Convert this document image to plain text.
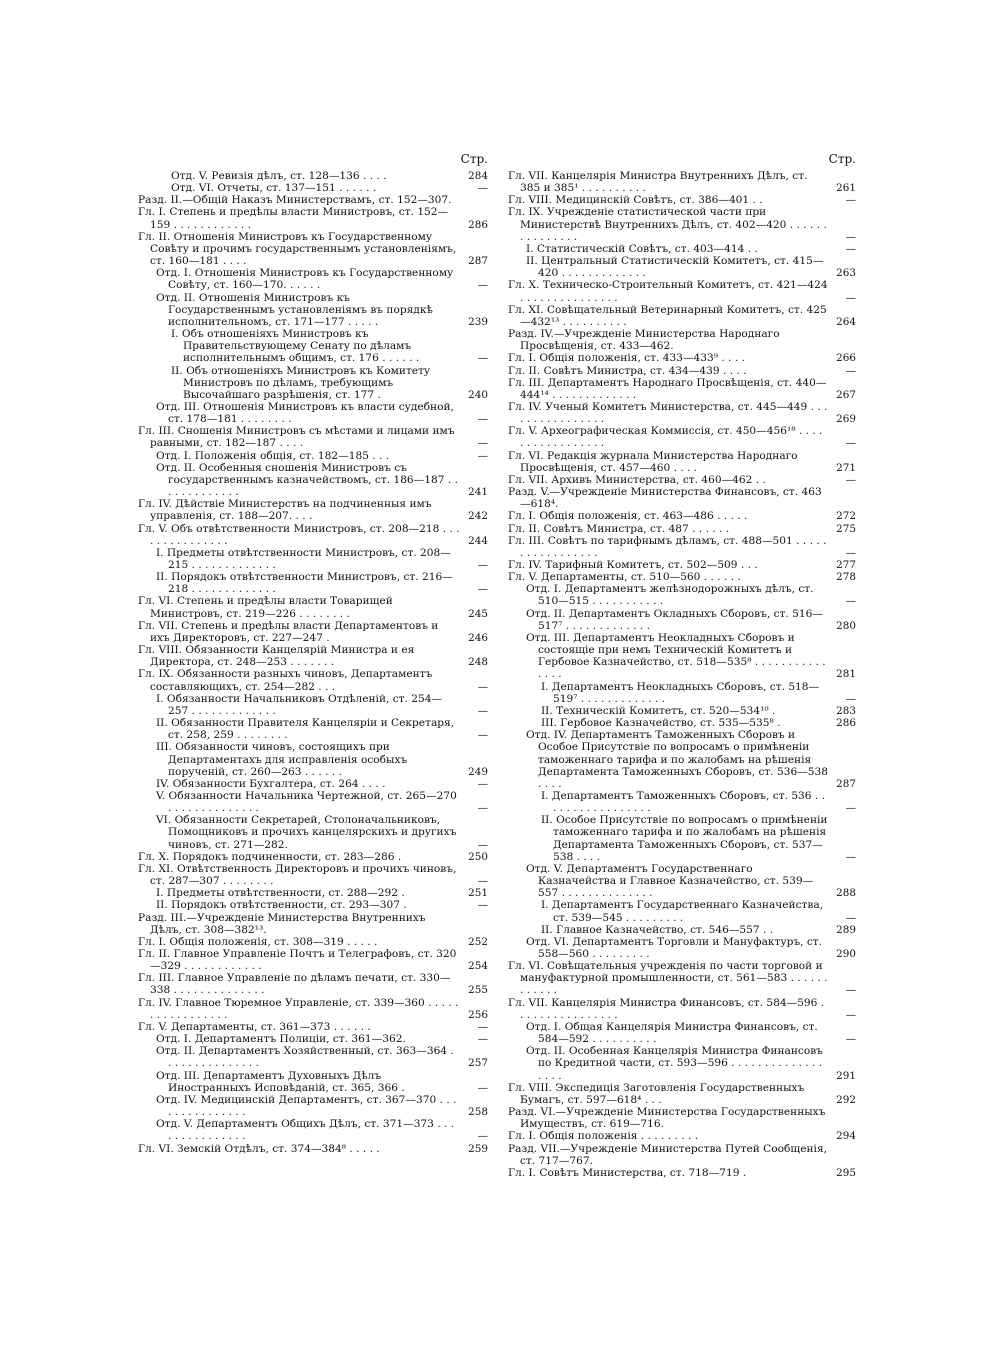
Стр.
Отд. V. Ревизія дѣлъ, ст. 128—136 . . . .	284
Отд. VI. Отчеты, ст. 137—151 . . . . . .	—
Разд. II.—Общій Наказъ Министерствамъ, ст. 152—307.
Гл. I. Степень и предѣлы власти Министровъ, ст. 152—159 . . . . . . . . . . . .	286
Гл. II. Отношенія Министровъ къ Государственному Совѣту и прочимъ государственнымъ установленіямъ, ст. 160—181 . . . .	287
Отд. I. Отношенія Министровъ къ Государственному Совѣту, ст. 160—170. . . . . .	—
Отд. II. Отношенія Министровъ къ Государственнымъ установленіямъ въ порядкѣ исполнительномъ, ст. 171—177 . . . . .	239
I. Объ отношеніяхъ Министровъ къ Правительствующему Сенату по дѣламъ исполнительнымъ общимъ, ст. 176 . . . . . .	—
II. Объ отношеніяхъ Министровъ къ Комитету Министровъ по дѣламъ, требующимъ Высочайшаго разрѣшенія, ст. 177 .	240
Отд. III. Отношенія Министровъ къ власти судебной, ст. 178—181 . . . . . . . .	—
Гл. III. Сношенія Министровъ съ мѣстами и лицами имъ равными, ст. 182—187 . . . .	—
Отд. I. Положенія общія, ст. 182—185 . . .	—
Отд. II. Особенныя сношенія Министровъ съ государственнымъ казначействомъ, ст. 186—187 . . . . . . . . . . . . .	241
Гл. IV. Дѣйствіе Министерствъ на подчиненныя имъ управленія, ст. 188—207. . . .	242
Гл. V. Объ отвѣтственности Министровъ, ст. 208—218 . . . . . . . . . . . . . . .	244
I. Предметы отвѣтственности Министровъ, ст. 208—215 . . . . . . . . . . . . .	—
II. Порядокъ отвѣтственности Министровъ, ст. 216—218 . . . . . . . . . . . . .	—
Гл. VI. Степень и предѣлы власти Товарищей Министровъ, ст. 219—226 . . . . . . . .	245
Гл. VII. Степень и предѣлы власти Департаментовъ и ихъ Директоровъ, ст. 227—247 .	246
Гл. VIII. Обязанности Канцелярій Министра и ея Директора, ст. 248—253 . . . . . . .	248
Гл. IX. Обязанности разныхъ чиновъ, Департаментъ составляющихъ, ст. 254—282 . . .	—
I. Обязанности Начальниковъ Отдѣленій, ст. 254—257 . . . . . . . . . . . . .	—
II. Обязанности Правителя Канцеляріи и Секретаря, ст. 258, 259 . . . . . . . .	—
III. Обязанности чиновъ, состоящихъ при Департаментахъ для исправленія особыхъ порученій, ст. 260—263 . . . . . .	249
IV. Обязанности Бухгалтера, ст. 264 . . . .	—
V. Обязанности Начальника Чертежной, ст. 265—270 . . . . . . . . . . . . . .	—
VI. Обязанности Секретарей, Столоначальниковъ, Помощниковъ и прочихъ канцелярскихъ и другихъ чиновъ, ст. 271—282.	—
Гл. X. Порядокъ подчиненности, ст. 283—286 .	250
Гл. XI. Отвѣтственность Директоровъ и прочихъ чиновъ, ст. 287—307 . . . . . . . .	—
I. Предметы отвѣтственности, ст. 288—292 .	251
II. Порядокъ отвѣтственности, ст. 293—307 .	—
Разд. III.—Учрежденіе Министерства Внутреннихъ Дѣлъ, ст. 308—382¹³.
Гл. I. Общія положенія, ст. 308—319 . . . . .	252
Гл. II. Главное Управленіе Почтъ и Телеграфовъ, ст. 320—329 . . . . . . . . . . . .	254
Гл. III. Главное Управленіе по дѣламъ печати, ст. 330—338 . . . . . . . . . . . . . .	255
Гл. IV. Главное Тюремное Управленіе, ст. 339—360 . . . . . . . . . . . . . . . . .	256
Гл. V. Департаменты, ст. 361—373 . . . . . .	—
Отд. I. Департаментъ Полиціи, ст. 361—362.	—
Отд. II. Департаментъ Хозяйственный, ст. 363—364 . . . . . . . . . . . . . . .	257
Отд. III. Департаментъ Духовныхъ Дѣлъ Иностранныхъ Исповѣданій, ст. 365, 366 .	—
Отд. IV. Медицинскій Департаментъ, ст. 367—370 . . . . . . . . . . . . . . .	258
Отд. V. Департаментъ Общихъ Дѣлъ, ст. 371—373 . . . . . . . . . . . . . . .	—
Гл. VI. Земскій Отдѣлъ, ст. 374—384⁸ . . . . .	259
Стр.
Гл. VII. Канцелярія Министра Внутреннихъ Дѣлъ, ст. 385 и 385¹ . . . . . . . . . .	261
Гл. VIII. Медицинскій Совѣтъ, ст. 386—401 . .	—
Гл. IX. Учрежденіе статистической части при Министерствѣ Внутреннихъ Дѣлъ, ст. 402—420 . . . . . . . . . . . . . . .	—
I. Статистическій Совѣтъ, ст. 403—414 . .	—
II. Центральный Статистическій Комитетъ, ст. 415—420 . . . . . . . . . . . . .	263
Гл. X. Техническо-Строительный Комитетъ, ст. 421—424 . . . . . . . . . . . . . . .	—
Гл. XI. Совѣщательный Ветеринарный Комитетъ, ст. 425—432¹³ . . . . . . . . . .	264
Разд. IV.—Учрежденіе Министерства Народнаго Просвѣщенія, ст. 433—462.
Гл. I. Общія положенія, ст. 433—433⁹ . . . .	266
Гл. II. Совѣтъ Министра, ст. 434—439 . . . .	—
Гл. III. Департаментъ Народнаго Просвѣщенія, ст. 440—444¹⁴ . . . . . . . . . . . . .	267
Гл. IV. Ученый Комитетъ Министерства, ст. 445—449 . . . . . . . . . . . . . . . .	269
Гл. V. Археографическая Коммиссія, ст. 450—456¹⁸ . . . . . . . . . . . . . . . . .	—
Гл. VI. Редакція журнала Министерства Народнаго Просвѣщенія, ст. 457—460 . . . .	271
Гл. VII. Архивъ Министерства, ст. 460—462 . .	—
Разд. V.—Учрежденіе Министерства Финансовъ, ст. 463—618⁴.
Гл. I. Общія положенія, ст. 463—486 . . . . .	272
Гл. II. Совѣтъ Министра, ст. 487 . . . . . .	275
Гл. III. Совѣтъ по тарифнымъ дѣламъ, ст. 488—501 . . . . . . . . . . . . . . . . .	—
Гл. IV. Тарифный Комитетъ, ст. 502—509 . . .	277
Гл. V. Департаменты, ст. 510—560 . . . . . .	278
Отд. I. Департаментъ желѣзнодорожныхъ дѣлъ, ст. 510—515 . . . . . . . . . . .	—
Отд. II. Департаментъ Окладныхъ Сборовъ, ст. 516—517⁷ . . . . . . . . . . . . .	280
Отд. III. Департаментъ Неокладныхъ Сборовъ и состоящіе при немъ Техническій Комитетъ и Гербовое Казначейство, ст. 518—535⁸ . . . . . . . . . . . . . . .	281
I. Департаментъ Неокладныхъ Сборовъ, ст. 518—519⁷ . . . . . . . . . . . . .	—
II. Техническій Комитетъ, ст. 520—534¹⁰ .	283
III. Гербовое Казначейство, ст. 535—535⁸ .	286
Отд. IV. Департаментъ Таможенныхъ Сборовъ и Особое Присутствіе по вопросамъ о примѣненіи таможеннаго тарифа и по жалобамъ на рѣшенія Департамента Таможенныхъ Сборовъ, ст. 536—538 . . . .	287
I. Департаментъ Таможенныхъ Сборовъ, ст. 536 . . . . . . . . . . . . . . . . .	—
II. Особое Присутствіе по вопросамъ о примѣненіи таможеннаго тарифа и по жалобамъ на рѣшенія Департамента Таможенныхъ Сборовъ, ст. 537—538 . . . .	—
Отд. V. Департаментъ Государственнаго Казначейства и Главное Казначейство, ст. 539—557 . . . . . . . . . . . . . .	288
I. Департаментъ Государственнаго Казначейства, ст. 539—545 . . . . . . . . .	—
II. Главное Казначейство, ст. 546—557 . .	289
Отд. VI. Департаментъ Торговли и Мануфактуръ, ст. 558—560 . . . . . . . . .	290
Гл. VI. Совѣщательныя учрежденія по части торговой и мануфактурной промышленности, ст. 561—583 . . . . . . . . . . . .	—
Гл. VII. Канцелярія Министра Финансовъ, ст. 584—596 . . . . . . . . . . . . . . . .	—
Отд. I. Общая Канцелярія Министра Финансовъ, ст. 584—592 . . . . . . . . . .	—
Отд. II. Особенная Канцелярія Министра Финансовъ по Кредитной части, ст. 593—596 . . . . . . . . . . . . . . . . . .	291
Гл. VIII. Экспедиція Заготовленія Государственныхъ Бумагъ, ст. 597—618⁴ . . .	292
Разд. VI.—Учрежденіе Министерства Государственныхъ Имуществъ, ст. 619—716.
Гл. I. Общія положенія . . . . . . . . .	294
Разд. VII.—Учрежденіе Министерства Путей Сообщенія, ст. 717—767.
Гл. I. Совѣтъ Министерства, ст. 718—719 .	295
